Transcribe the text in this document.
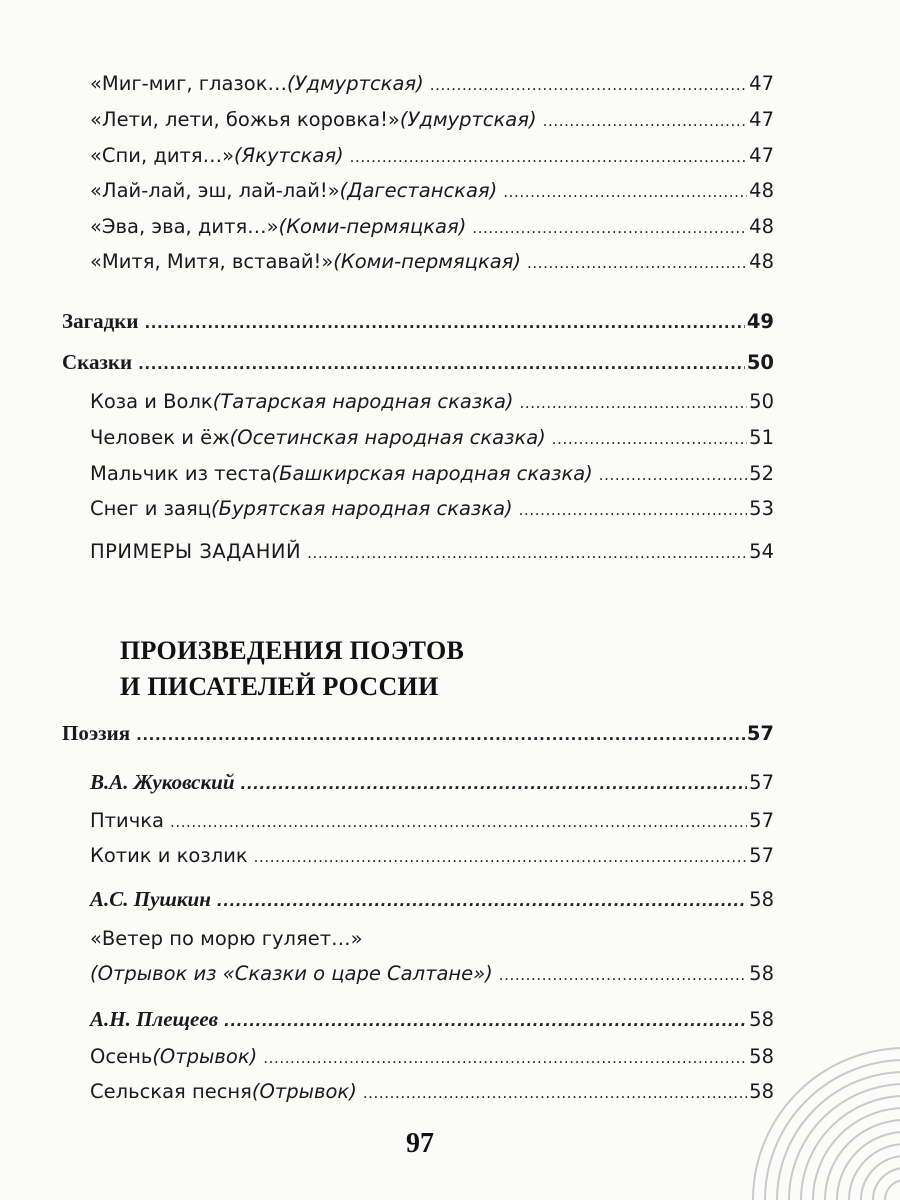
«Миг-миг, глазок… (Удмуртская) .....	47
«Лети, лети, божья коровка!» (Удмуртская) .....	47
«Спи, дитя…» (Якутская) .....	47
«Лай-лай, эш, лай-лай!» (Дагестанская) .....	48
«Эва, эва, дитя…» (Коми-пермяцкая) .....	48
«Митя, Митя, вставай!» (Коми-пермяцкая) .....	48
Загадки .....	49
Сказки .....	50
Коза и Волк (Татарская народная сказка) .....	50
Человек и ёж (Осетинская народная сказка) .....	51
Мальчик из теста (Башкирская народная сказка) .....	52
Снег и заяц (Бурятская народная сказка) .....	53
ПРИМЕРЫ ЗАДАНИЙ .....	54
ПРОИЗВЕДЕНИЯ ПОЭТОВ
И ПИСАТЕЛЕЙ РОССИИ
Поэзия .....	57
В.А. Жуковский .....	57
Птичка .....	57
Котик и козлик .....	57
А.С. Пушкин .....	58
«Ветер по морю гуляет…»
(Отрывок из «Сказки о царе Салтане») .....	58
А.Н. Плещеев .....	58
Осень (Отрывок) .....	58
Сельская песня (Отрывок) .....	58
97
